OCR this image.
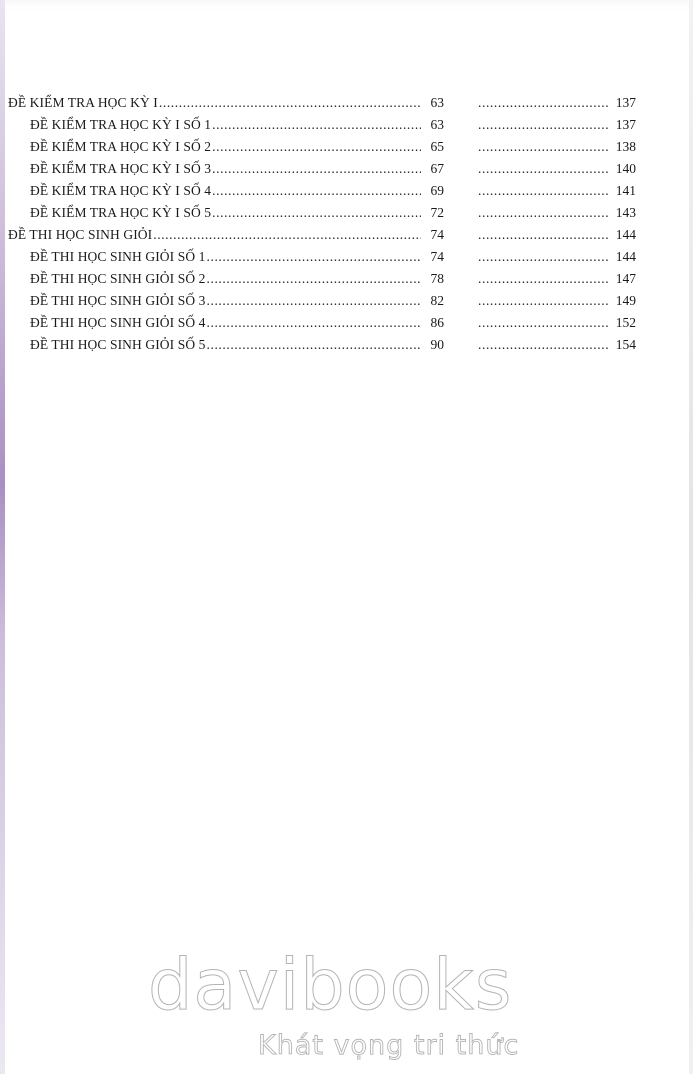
ĐỀ KIỂM TRA HỌC KỲ I .....	63 .....	137
ĐỀ KIỂM TRA HỌC KỲ I SỐ 1 .....	63 .....	137
ĐỀ KIỂM TRA HỌC KỲ I SỐ 2 .....	65 .....	138
ĐỀ KIỂM TRA HỌC KỲ I SỐ 3 .....	67 .....	140
ĐỀ KIỂM TRA HỌC KỲ I SỐ 4 .....	69 .....	141
ĐỀ KIỂM TRA HỌC KỲ I SỐ 5 .....	72 .....	143
ĐỀ THI HỌC SINH GIỎI .....	74 .....	144
ĐỀ THI HỌC SINH GIỎI SỐ 1 .....	74 .....	144
ĐỀ THI HỌC SINH GIỎI SỐ 2 .....	78 .....	147
ĐỀ THI HỌC SINH GIỎI SỐ 3 .....	82 .....	149
ĐỀ THI HỌC SINH GIỎI SỐ 4 .....	86 .....	152
ĐỀ THI HỌC SINH GIỎI SỐ 5 .....	90 .....	154
davibooks
Khát vọng tri thức
